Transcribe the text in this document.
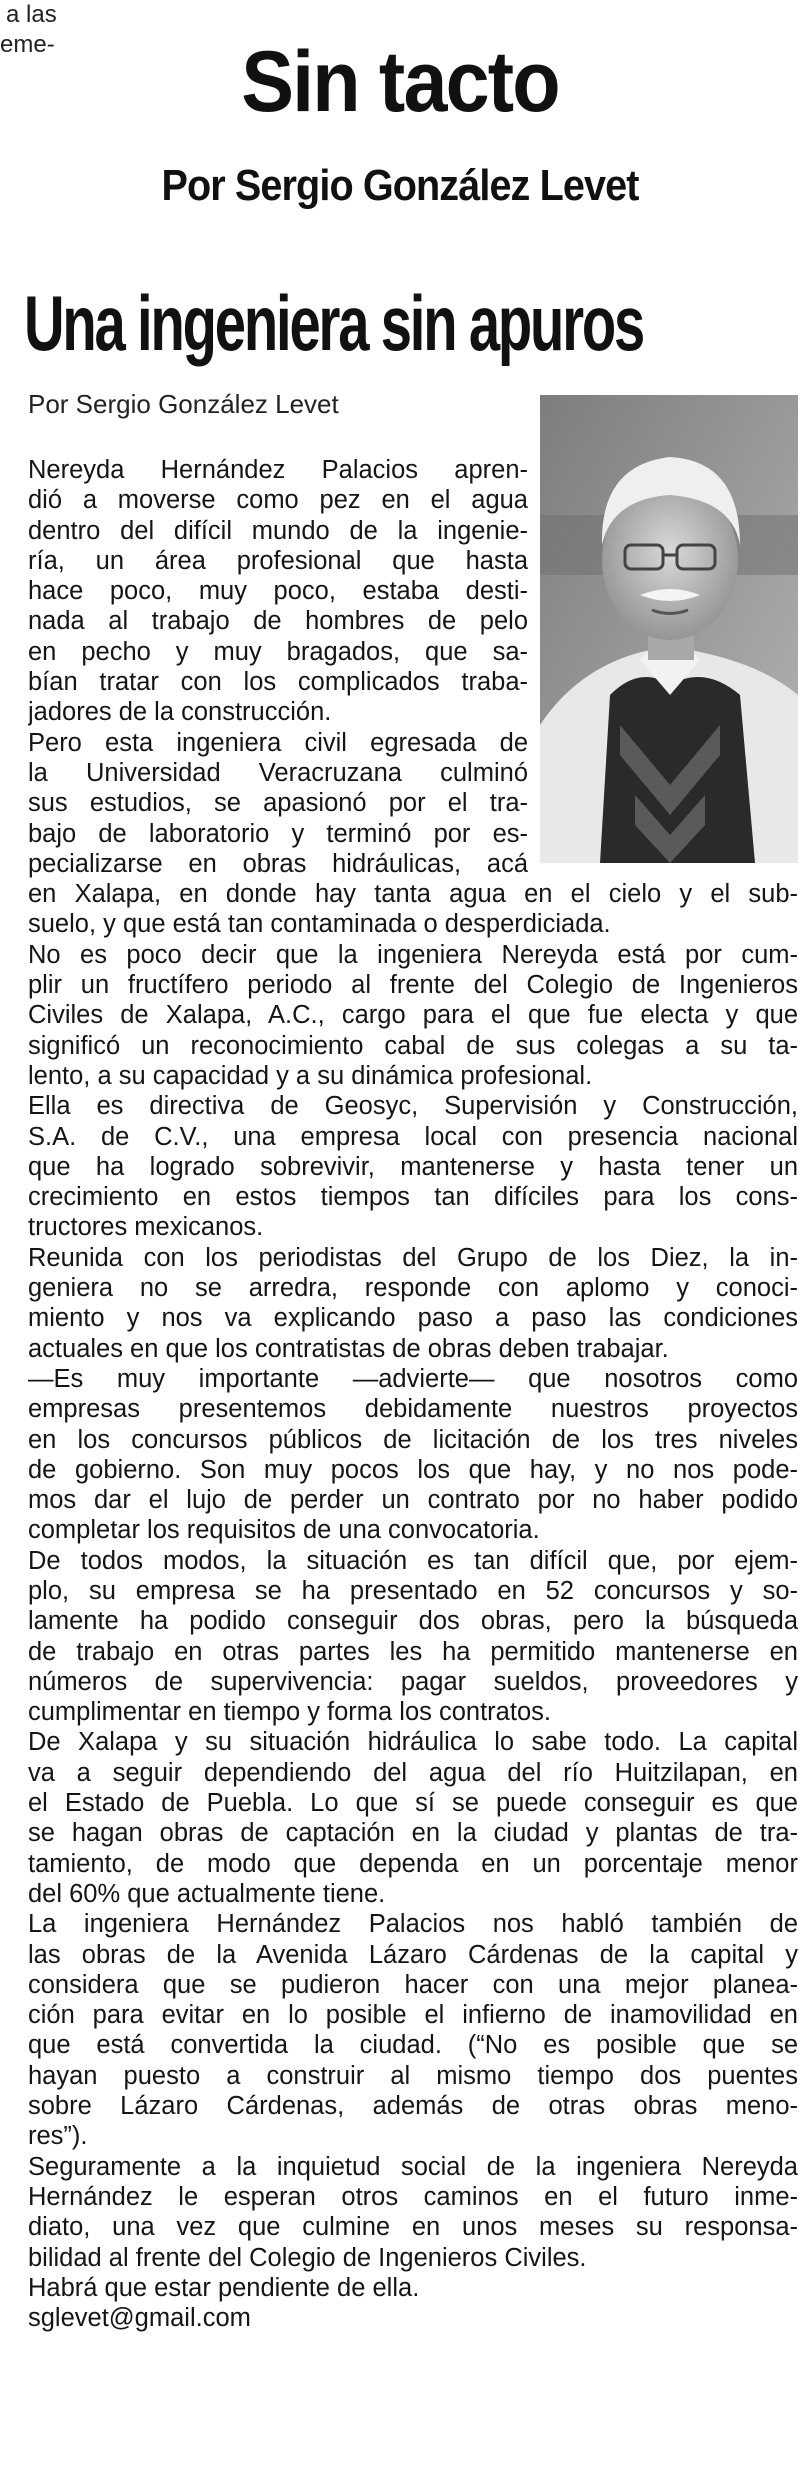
a las
eme-	Sin tacto
Por Sergio González Levet
Una ingeniera sin apuros
Por Sergio González Levet
Nereyda Hernández Palacios apren-
dió a moverse como pez en el agua
dentro del difícil mundo de la ingenie-
ría, un área profesional que hasta
hace poco, muy poco, estaba desti-
nada al trabajo de hombres de pelo
en pecho y muy bragados, que sa-
bían tratar con los complicados traba-
jadores de la construcción.
Pero esta ingeniera civil egresada de
la Universidad Veracruzana culminó
sus estudios, se apasionó por el tra-
bajo de laboratorio y terminó por es-
pecializarse en obras hidráulicas, acá
en Xalapa, en donde hay tanta agua en el cielo y el sub-
suelo, y que está tan contaminada o desperdiciada.
No es poco decir que la ingeniera Nereyda está por cum-
plir un fructífero periodo al frente del Colegio de Ingenieros
Civiles de Xalapa, A.C., cargo para el que fue electa y que
significó un reconocimiento cabal de sus colegas a su ta-
lento, a su capacidad y a su dinámica profesional.
Ella es directiva de Geosyc, Supervisión y Construcción,
S.A. de C.V., una empresa local con presencia nacional
que ha logrado sobrevivir, mantenerse y hasta tener un
crecimiento en estos tiempos tan difíciles para los cons-
tructores mexicanos.
Reunida con los periodistas del Grupo de los Diez, la in-
geniera no se arredra, responde con aplomo y conoci-
miento y nos va explicando paso a paso las condiciones
actuales en que los contratistas de obras deben trabajar.
—Es muy importante —advierte— que nosotros como
empresas presentemos debidamente nuestros proyectos
en los concursos públicos de licitación de los tres niveles
de gobierno. Son muy pocos los que hay, y no nos pode-
mos dar el lujo de perder un contrato por no haber podido
completar los requisitos de una convocatoria.
De todos modos, la situación es tan difícil que, por ejem-
plo, su empresa se ha presentado en 52 concursos y so-
lamente ha podido conseguir dos obras, pero la búsqueda
de trabajo en otras partes les ha permitido mantenerse en
números de supervivencia: pagar sueldos, proveedores y
cumplimentar en tiempo y forma los contratos.
De Xalapa y su situación hidráulica lo sabe todo. La capital
va a seguir dependiendo del agua del río Huitzilapan, en
el Estado de Puebla. Lo que sí se puede conseguir es que
se hagan obras de captación en la ciudad y plantas de tra-
tamiento, de modo que dependa en un porcentaje menor
del 60% que actualmente tiene.
La ingeniera Hernández Palacios nos habló también de
las obras de la Avenida Lázaro Cárdenas de la capital y
considera que se pudieron hacer con una mejor planea-
ción para evitar en lo posible el infierno de inamovilidad en
que está convertida la ciudad. (“No es posible que se
hayan puesto a construir al mismo tiempo dos puentes
sobre Lázaro Cárdenas, además de otras obras meno-
res”).
Seguramente a la inquietud social de la ingeniera Nereyda
Hernández le esperan otros caminos en el futuro inme-
diato, una vez que culmine en unos meses su responsa-
bilidad al frente del Colegio de Ingenieros Civiles.
Habrá que estar pendiente de ella.
sglevet@gmail.com
